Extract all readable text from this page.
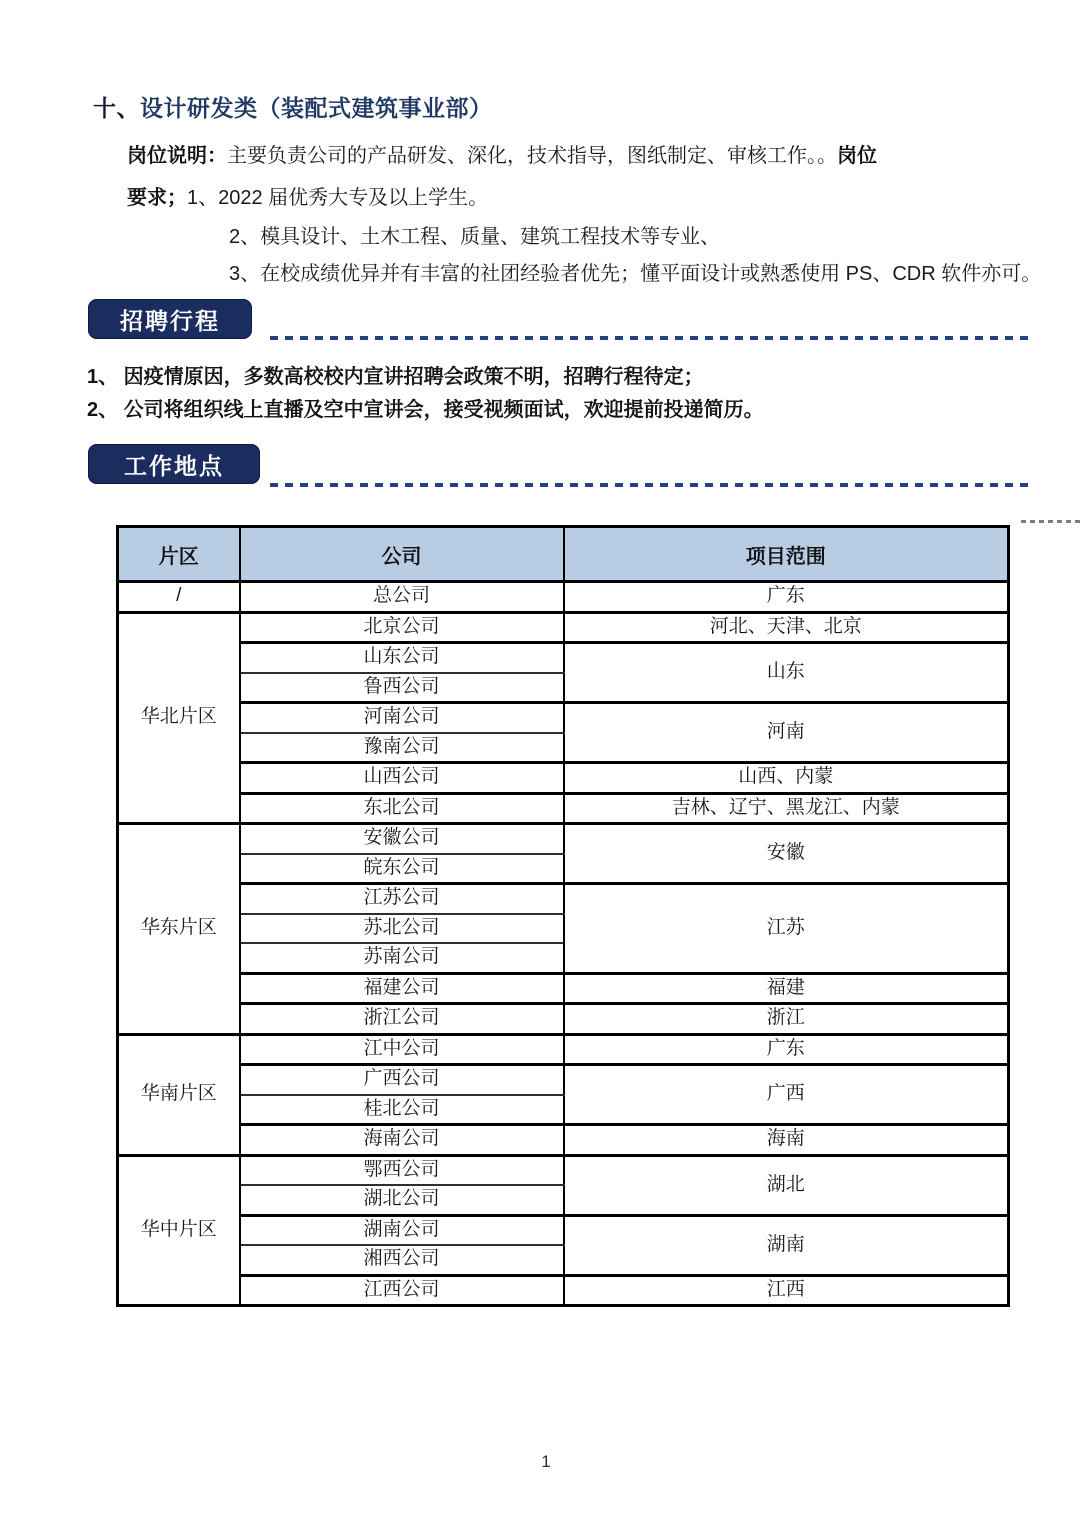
十、设计研发类（装配式建筑事业部）
岗位说明：主要负责公司的产品研发、深化，技术指导，图纸制定、审核工作。。岗位
要求；1、2022 届优秀大专及以上学生。
2、模具设计、土木工程、质量、建筑工程技术等专业、
3、在校成绩优异并有丰富的社团经验者优先；懂平面设计或熟悉使用 PS、CDR 软件亦可。
招聘行程
1、 因疫情原因，多数高校校内宣讲招聘会政策不明，招聘行程待定；
2、 公司将组织线上直播及空中宣讲会，接受视频面试，欢迎提前投递简历。
工作地点
片区	公司	项目范围
/	总公司	广东
华北片区	北京公司	河北、天津、北京
	山东公司	山东
	鲁西公司	
	河南公司	河南
	豫南公司	
	山西公司	山西、内蒙
	东北公司	吉林、辽宁、黑龙江、内蒙
华东片区	安徽公司	安徽
	皖东公司	
	江苏公司	江苏
	苏北公司	
	苏南公司	
	福建公司	福建
	浙江公司	浙江
华南片区	江中公司	广东
	广西公司	广西
	桂北公司	
	海南公司	海南
华中片区	鄂西公司	湖北
	湖北公司	
	湖南公司	湖南
	湘西公司	
	江西公司	江西
1
